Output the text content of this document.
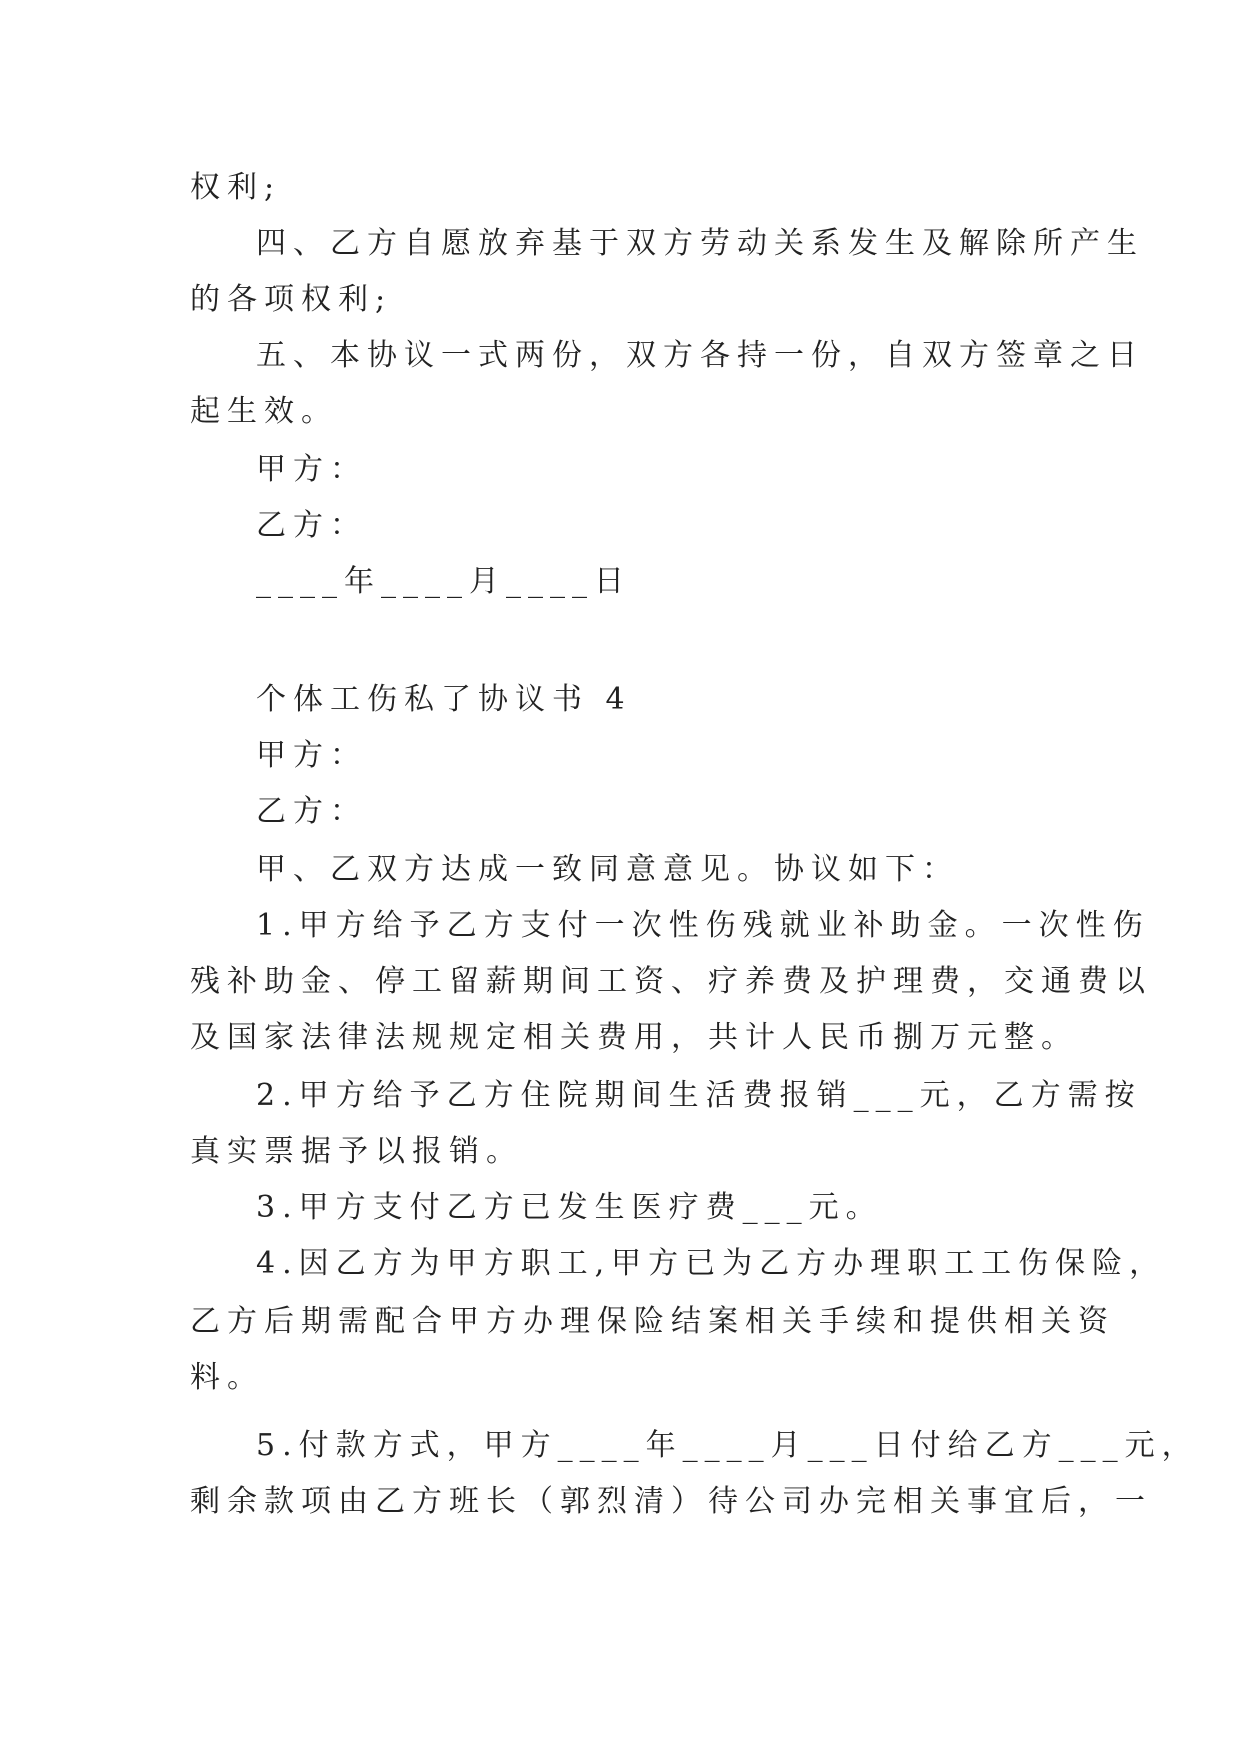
权利;
四、乙方自愿放弃基于双方劳动关系发生及解除所产生
的各项权利;
五、本协议一式两份，双方各持一份，自双方签章之日
起生效。
甲方：
乙方：
____年____月____日
个体工伤私了协议书 4
甲方：
乙方：
甲、乙双方达成一致同意意见。协议如下：
1.甲方给予乙方支付一次性伤残就业补助金。一次性伤
残补助金、停工留薪期间工资、疗养费及护理费，交通费以
及国家法律法规规定相关费用，共计人民币捌万元整。
2.甲方给予乙方住院期间生活费报销___元，乙方需按
真实票据予以报销。
3.甲方支付乙方已发生医疗费___元。
4.因乙方为甲方职工,甲方已为乙方办理职工工伤保险，
乙方后期需配合甲方办理保险结案相关手续和提供相关资
料。
5.付款方式，甲方____年____月___日付给乙方___元，
剩余款项由乙方班长（郭烈清）待公司办完相关事宜后，一
